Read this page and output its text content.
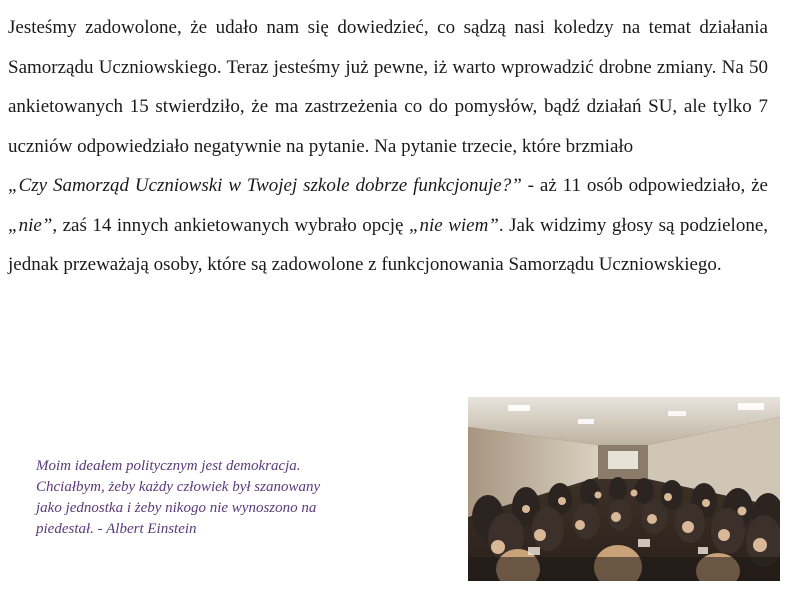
Jesteśmy zadowolone, że udało nam się dowiedzieć, co sądzą nasi koledzy na temat działania Samorządu Uczniowskiego. Teraz jesteśmy już pewne, iż warto wprowadzić drobne zmiany. Na 50 ankietowanych 15 stwierdziło, że ma zastrzeżenia co do pomysłów, bądź działań SU, ale tylko 7 uczniów odpowiedziało negatywnie na pytanie. Na pytanie trzecie, które brzmiało
„Czy Samorząd Uczniowski w Twojej szkole dobrze funkcjonuje?” - aż 11 osób odpowiedziało, że „nie”, zaś 14 innych ankietowanych wybrało opcję „nie wiem”. Jak widzimy głosy są podzielone, jednak przeważają osoby, które są zadowolone z funkcjonowania Samorządu Uczniowskiego.

Moim ideałem politycznym jest demokracja.
Chciałbym, żeby każdy człowiek był szanowany
jako jednostka i żeby nikogo nie wynoszono na
piedestał. - Albert Einstein
